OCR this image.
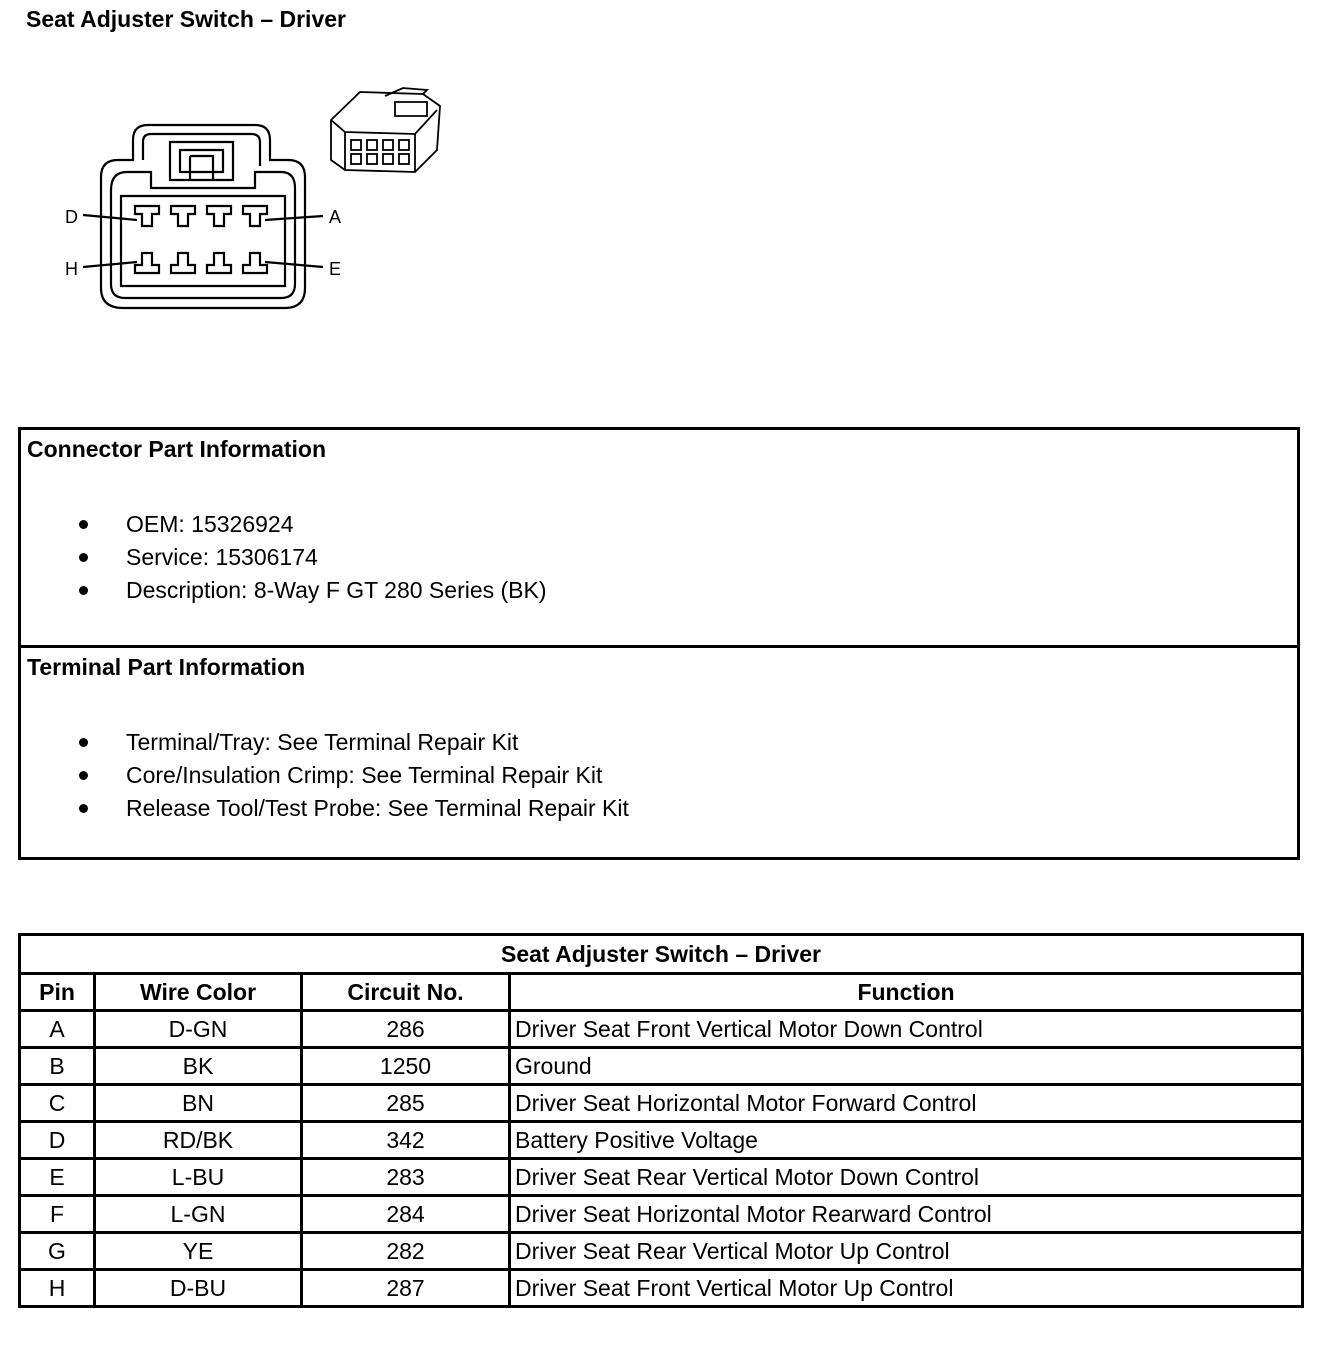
Seat Adjuster Switch – Driver
D	A
H	E
Connector Part Information
OEM: 15326924
Service: 15306174
Description: 8-Way F GT 280 Series (BK)
Terminal Part Information
Terminal/Tray: See Terminal Repair Kit
Core/Insulation Crimp: See Terminal Repair Kit
Release Tool/Test Probe: See Terminal Repair Kit
Seat Adjuster Switch – Driver			
Pin	Wire Color	Circuit No.	Function
A	D-GN	286	Driver Seat Front Vertical Motor Down Control
B	BK	1250	Ground
C	BN	285	Driver Seat Horizontal Motor Forward Control
D	RD/BK	342	Battery Positive Voltage
E	L-BU	283	Driver Seat Rear Vertical Motor Down Control
F	L-GN	284	Driver Seat Horizontal Motor Rearward Control
G	YE	282	Driver Seat Rear Vertical Motor Up Control
H	D-BU	287	Driver Seat Front Vertical Motor Up Control
